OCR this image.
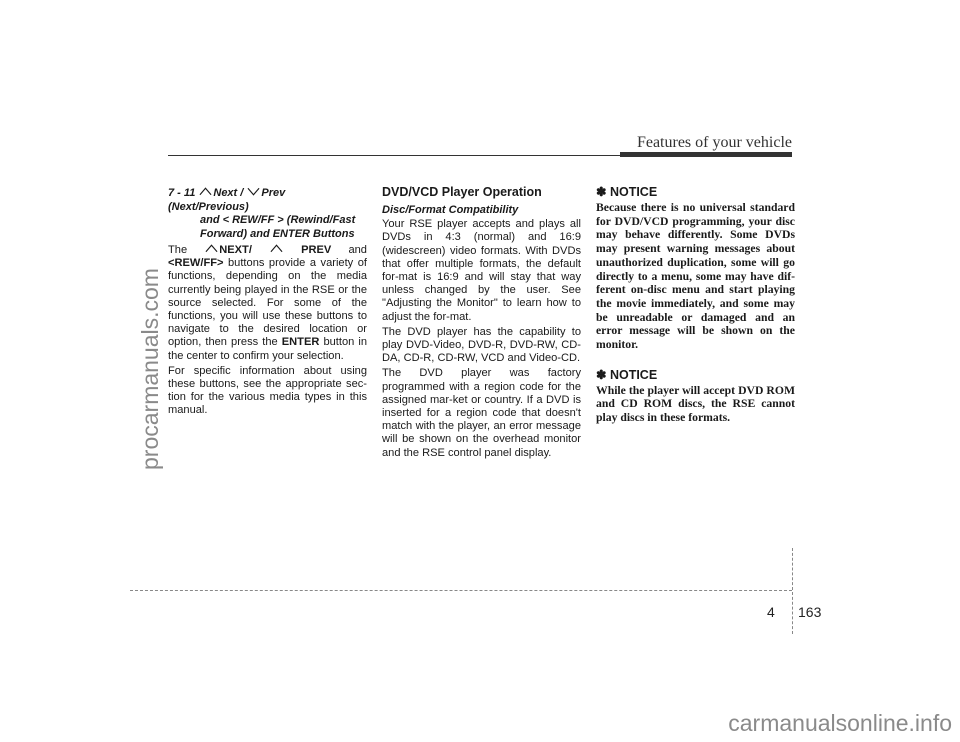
Features of your vehicle
procarmanuals.com
carmanualsonline.info
7 - 11 Next / Prev (Next/Previous)
and < REW/FF > (Rewind/Fast
Forward) and ENTER Buttons

The	NEXT/	PREV and <REW/FF> buttons provide a variety of functions, depending on the media currently being played in the RSE or the source selected. For some of the functions, you will use these buttons to navigate to the desired location or option, then press the ENTER button in the center to confirm your selection.

For specific information about using these buttons, see the appropriate sec-tion for the various media types in this manual.

DVD/VCD Player Operation
Disc/Format Compatibility

Your RSE player accepts and plays all DVDs in 4:3 (normal) and 16:9 (widescreen) video formats. With DVDs that offer multiple formats, the default for-mat is 16:9 and will stay that way unless changed by the user. See "Adjusting the Monitor" to learn how to adjust the for-mat.

The DVD player has the capability to play DVD-Video, DVD-R, DVD-RW, CD-DA, CD-R, CD-RW, VCD and Video-CD.

The DVD player was factory programmed with a region code for the assigned mar-ket or country. If a DVD is inserted for a region code that doesn't match with the player, an error message will be shown on the overhead monitor and the RSE control panel display.

✽ NOTICE
Because there is no universal standard for DVD/VCD programming, your disc may behave differently. Some DVDs may present warning messages about unauthorized duplication, some will go directly to a menu, some may have dif-ferent on-disc menu and start playing the movie immediately, and some may be unreadable or damaged and an error message will be shown on the monitor.
✽ NOTICE
While the player will accept DVD ROM and CD ROM discs, the RSE cannot play discs in these formats.
4 163
